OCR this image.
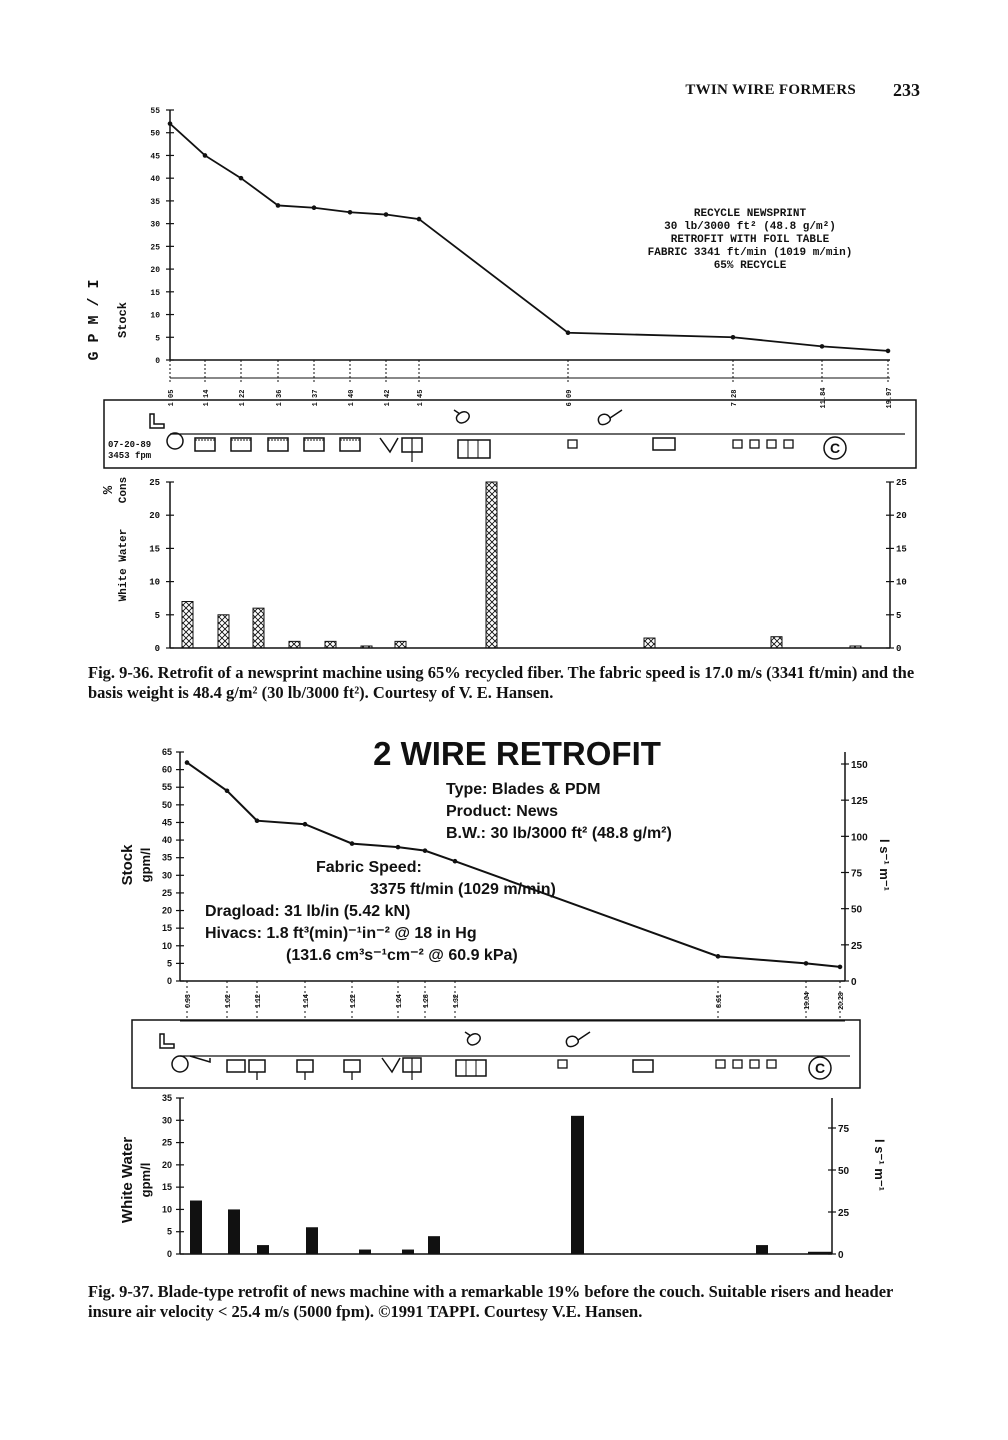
TWIN WIRE FORMERS 233
G P M / I Stock
0
5
10
15
20
25
30
35
40
45
50
55
1.05	1.14	1.22	1.36	1.37	1.40	1.42	1.45	6.09	7.28	11.84	19.97
RECYCLE NEWSPRINT
30 lb/3000 ft² (48.8 g/m²)
RETROFIT WITH FOIL TABLE
FABRIC 3341 ft/min (1019 m/min)
65% RECYCLE
% Cons
07-20-89
3453 fpm	C
White Water
0
5
10
15
20
25
0
5
10
15
20
25
Fig. 9-36. Retrofit of a newsprint machine using 65% recycled fiber. The fabric speed is 17.0 m/s (3341 ft/min) and the basis weight is 48.4 g/m² (30 lb/3000 ft²). Courtesy of V. E. Hansen.
Stock gpm/l	l s⁻¹ m⁻¹
0
5
10
15
20
25
30
35
40
45
50
55
60
65
0
25
50
75
100
125
150
0.93	1.02	1.12	1.14	1.22	1.24	1.28	1.32	8.61	19.04	20.28
2 WIRE RETROFIT
Type: Blades & PDM
Product: News
B.W.: 30 lb/3000 ft² (48.8 g/m²)
Fabric Speed:
3375 ft/min (1029 m/min)
Dragload: 31 lb/in (5.42 kN)
Hivacs: 1.8 ft³(min)⁻¹in⁻² @ 18 in Hg
(131.6 cm³s⁻¹cm⁻² @ 60.9 kPa)
C
White Water gpm/l	l s⁻¹ m⁻¹
0
5
10
15
20
25
30
35
0
25
50
75
Fig. 9-37. Blade-type retrofit of news machine with a remarkable 19% before the couch. Suitable risers and header insure air velocity < 25.4 m/s (5000 fpm). ©1991 TAPPI. Courtesy V.E. Hansen.
